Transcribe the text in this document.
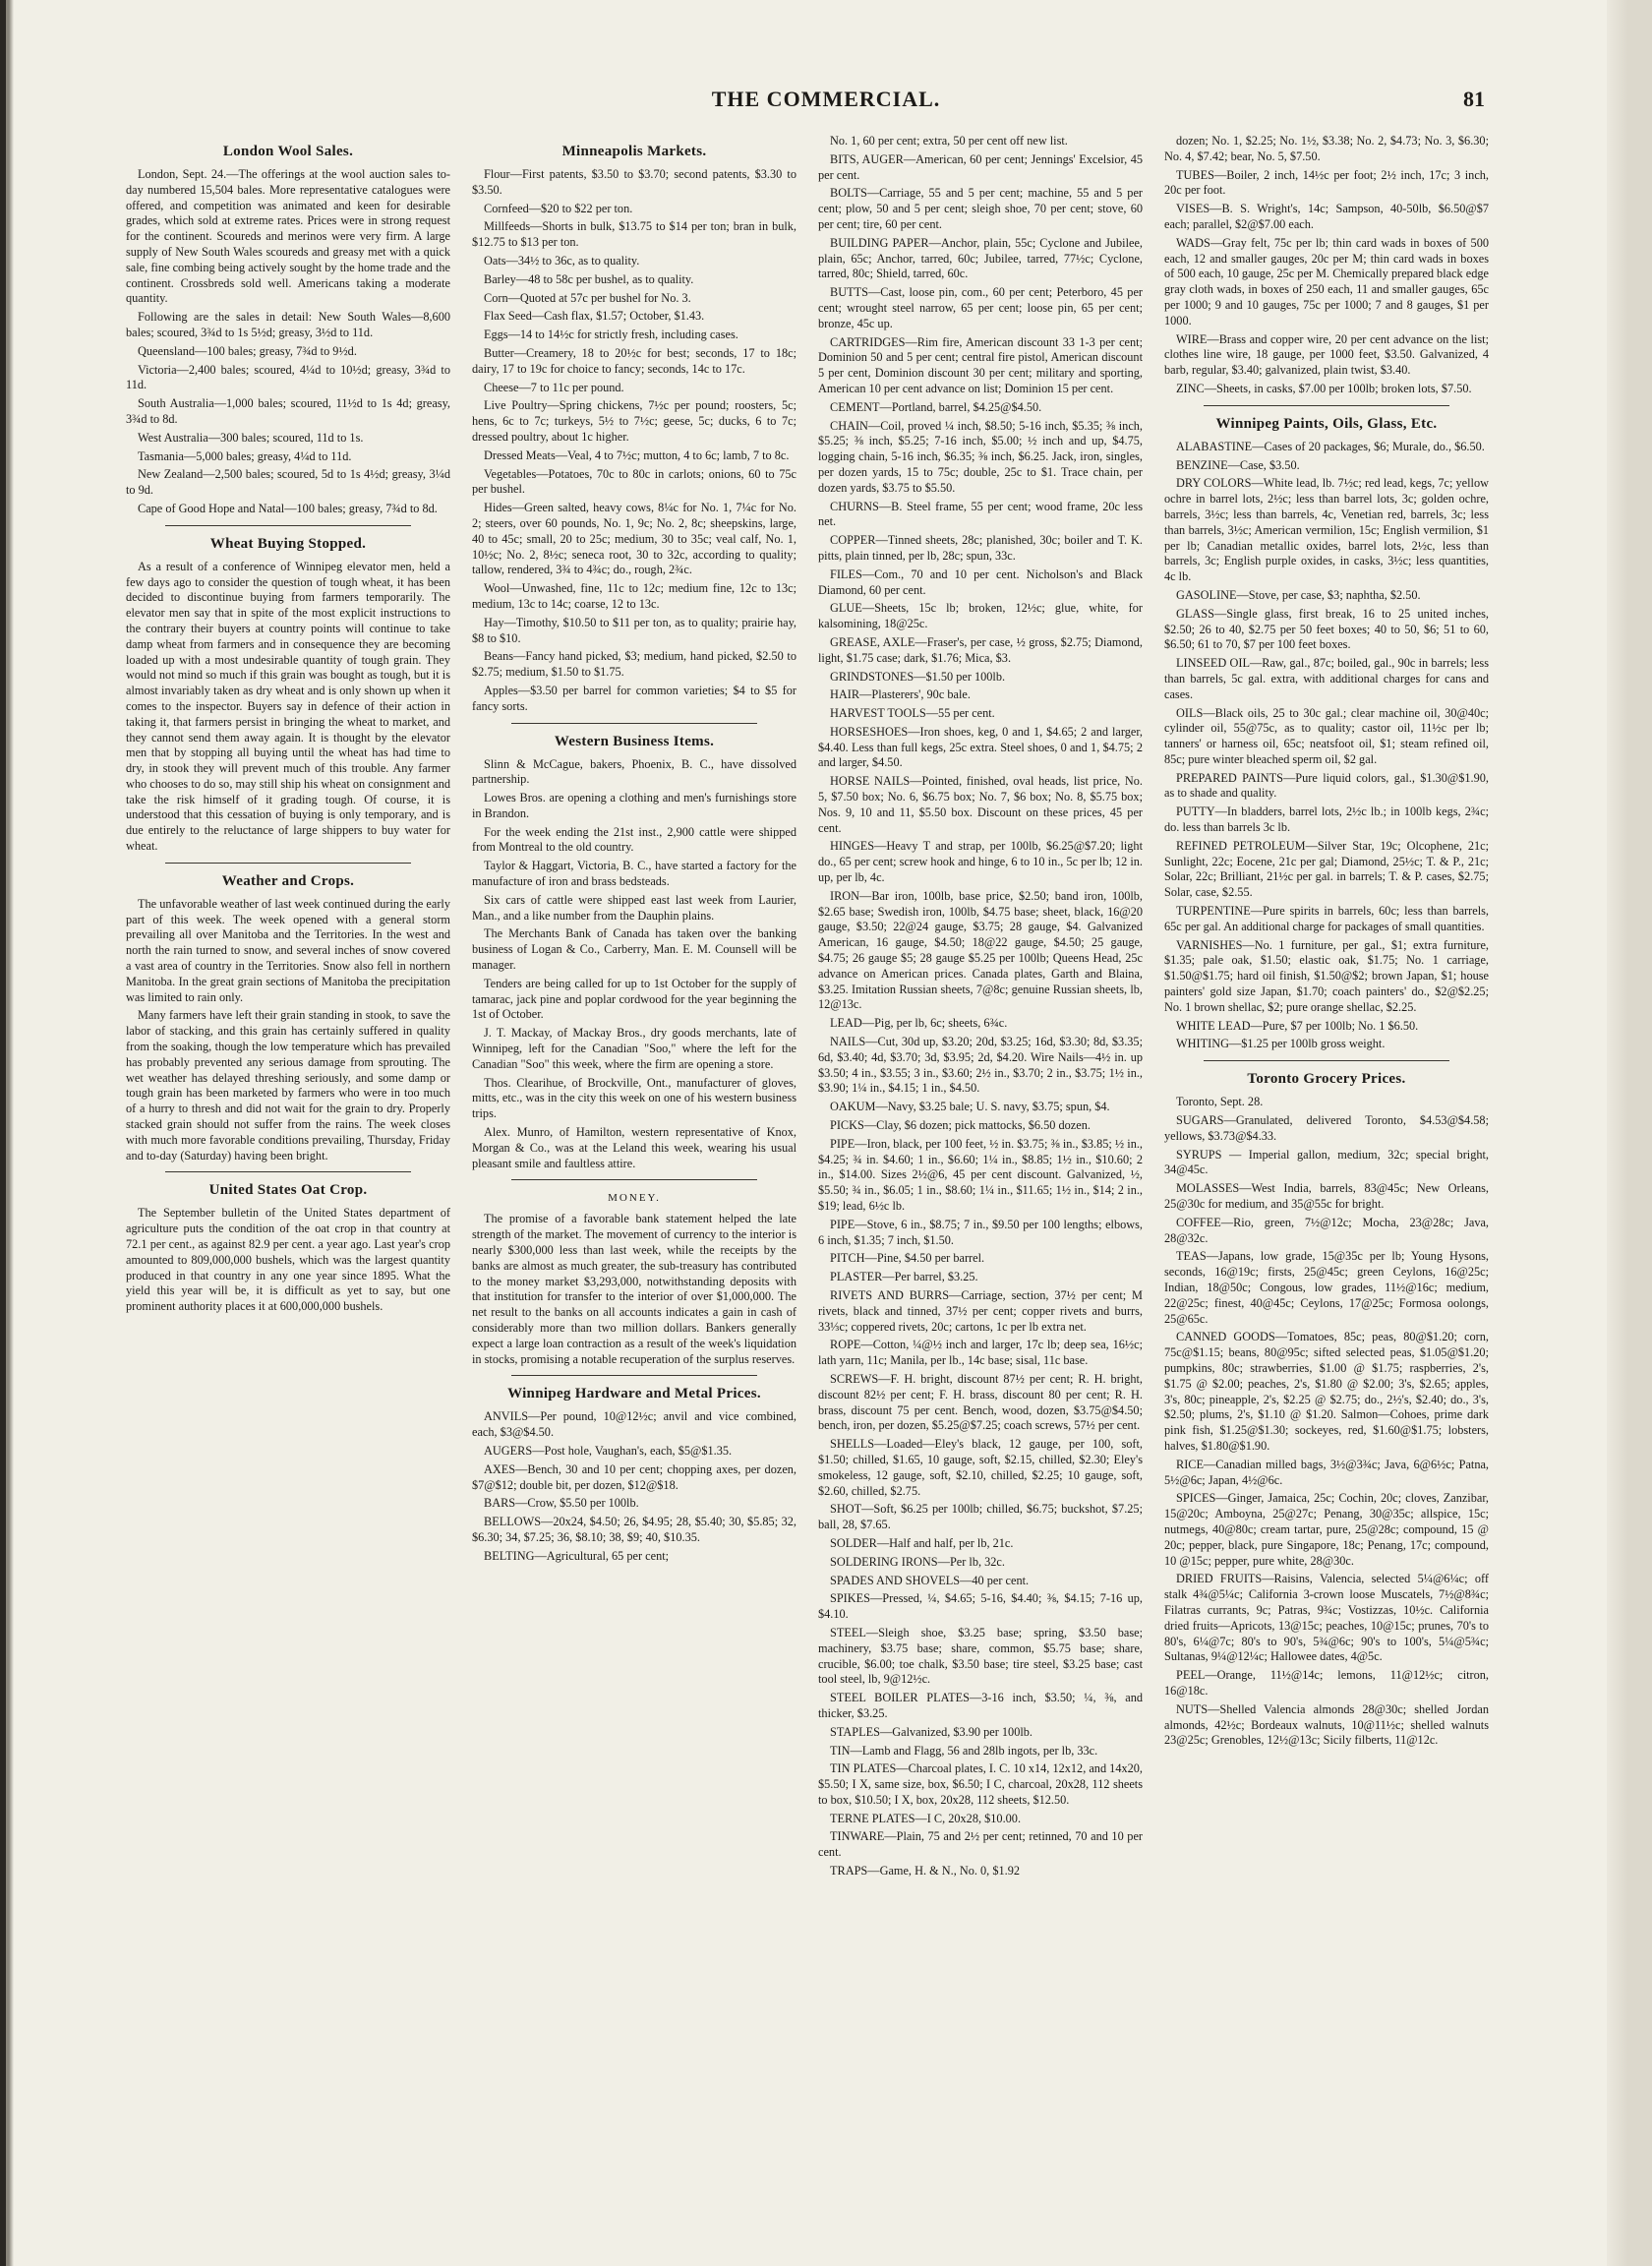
THE COMMERCIAL.	81
London Wool Sales.

London, Sept. 24.—The offerings at the wool auction sales to-day numbered 15,504 bales. More representative catalogues were offered, and competition was animated and keen for desirable grades, which sold at extreme rates. Prices were in strong request for the continent. Scoureds and merinos were very firm. A large supply of New South Wales scoureds and greasy met with a quick sale, fine combing being actively sought by the home trade and the continent. Crossbreds sold well. Americans taking a moderate quantity.

Following are the sales in detail: New South Wales—8,600 bales; scoured, 3¾d to 1s 5½d; greasy, 3½d to 11d.

Queensland—100 bales; greasy, 7¾d to 9½d.

Victoria—2,400 bales; scoured, 4¼d to 10½d; greasy, 3¾d to 11d.

South Australia—1,000 bales; scoured, 11½d to 1s 4d; greasy, 3¾d to 8d.

West Australia—300 bales; scoured, 11d to 1s.

Tasmania—5,000 bales; greasy, 4¼d to 11d.

New Zealand—2,500 bales; scoured, 5d to 1s 4½d; greasy, 3¼d to 9d.

Cape of Good Hope and Natal—100 bales; greasy, 7¾d to 8d.

Wheat Buying Stopped.

As a result of a conference of Winnipeg elevator men, held a few days ago to consider the question of tough wheat, it has been decided to discontinue buying from farmers temporarily. The elevator men say that in spite of the most explicit instructions to the contrary their buyers at country points will continue to take damp wheat from farmers and in consequence they are becoming loaded up with a most undesirable quantity of tough grain. They would not mind so much if this grain was bought as tough, but it is almost invariably taken as dry wheat and is only shown up when it comes to the inspector. Buyers say in defence of their action in taking it, that farmers persist in bringing the wheat to market, and they cannot send them away again. It is thought by the elevator men that by stopping all buying until the wheat has had time to dry, in stook they will prevent much of this trouble. Any farmer who chooses to do so, may still ship his wheat on consignment and take the risk himself of it grading tough. Of course, it is understood that this cessation of buying is only temporary, and is due entirely to the reluctance of large shippers to buy water for wheat.

Weather and Crops.

The unfavorable weather of last week continued during the early part of this week. The week opened with a general storm prevailing all over Manitoba and the Territories. In the west and north the rain turned to snow, and several inches of snow covered a vast area of country in the Territories. Snow also fell in northern Manitoba. In the great grain sections of Manitoba the precipitation was limited to rain only.

Many farmers have left their grain standing in stook, to save the labor of stacking, and this grain has certainly suffered in quality from the soaking, though the low temperature which has prevailed has probably prevented any serious damage from sprouting. The wet weather has delayed threshing seriously, and some damp or tough grain has been marketed by farmers who were in too much of a hurry to thresh and did not wait for the grain to dry. Properly stacked grain should not suffer from the rains. The week closes with much more favorable conditions prevailing, Thursday, Friday and to-day (Saturday) having been bright.

United States Oat Crop.

The September bulletin of the United States department of agriculture puts the condition of the oat crop in that country at 72.1 per cent., as against 82.9 per cent. a year ago. Last year's crop amounted to 809,000,000 bushels, which was the largest quantity produced in that country in any one year since 1895. What the yield this year will be, it is difficult as yet to say, but one prominent authority places it at 600,000,000 bushels.

Minneapolis Markets.

Flour—First patents, $3.50 to $3.70; second patents, $3.30 to $3.50.

Cornfeed—$20 to $22 per ton.

Millfeeds—Shorts in bulk, $13.75 to $14 per ton; bran in bulk, $12.75 to $13 per ton.

Oats—34½ to 36c, as to quality.

Barley—48 to 58c per bushel, as to quality.

Corn—Quoted at 57c per bushel for No. 3.

Flax Seed—Cash flax, $1.57; October, $1.43.

Eggs—14 to 14½c for strictly fresh, including cases.

Butter—Creamery, 18 to 20½c for best; seconds, 17 to 18c; dairy, 17 to 19c for choice to fancy; seconds, 14c to 17c.

Cheese—7 to 11c per pound.

Live Poultry—Spring chickens, 7½c per pound; roosters, 5c; hens, 6c to 7c; turkeys, 5½ to 7½c; geese, 5c; ducks, 6 to 7c; dressed poultry, about 1c higher.

Dressed Meats—Veal, 4 to 7½c; mutton, 4 to 6c; lamb, 7 to 8c.

Vegetables—Potatoes, 70c to 80c in carlots; onions, 60 to 75c per bushel.

Hides—Green salted, heavy cows, 8¼c for No. 1, 7¼c for No. 2; steers, over 60 pounds, No. 1, 9c; No. 2, 8c; sheepskins, large, 40 to 45c; small, 20 to 25c; medium, 30 to 35c; veal calf, No. 1, 10½c; No. 2, 8½c; seneca root, 30 to 32c, according to quality; tallow, rendered, 3¾ to 4¾c; do., rough, 2¾c.

Wool—Unwashed, fine, 11c to 12c; medium fine, 12c to 13c; medium, 13c to 14c; coarse, 12 to 13c.

Hay—Timothy, $10.50 to $11 per ton, as to quality; prairie hay, $8 to $10.

Beans—Fancy hand picked, $3; medium, hand picked, $2.50 to $2.75; medium, $1.50 to $1.75.

Apples—$3.50 per barrel for common varieties; $4 to $5 for fancy sorts.

Western Business Items.

Slinn & McCague, bakers, Phoenix, B. C., have dissolved partnership.

Lowes Bros. are opening a clothing and men's furnishings store in Brandon.

For the week ending the 21st inst., 2,900 cattle were shipped from Montreal to the old country.

Taylor & Haggart, Victoria, B. C., have started a factory for the manufacture of iron and brass bedsteads.

Six cars of cattle were shipped east last week from Laurier, Man., and a like number from the Dauphin plains.

The Merchants Bank of Canada has taken over the banking business of Logan & Co., Carberry, Man. E. M. Counsell will be manager.

Tenders are being called for up to 1st October for the supply of tamarac, jack pine and poplar cordwood for the year beginning the 1st of October.

J. T. Mackay, of Mackay Bros., dry goods merchants, late of Winnipeg, left for the Canadian "Soo," where the left for the Canadian "Soo" this week, where the firm are opening a store.

Thos. Clearihue, of Brockville, Ont., manufacturer of gloves, mitts, etc., was in the city this week on one of his western business trips.

Alex. Munro, of Hamilton, western representative of Knox, Morgan & Co., was at the Leland this week, wearing his usual pleasant smile and faultless attire.

MONEY.

The promise of a favorable bank statement helped the late strength of the market. The movement of currency to the interior is nearly $300,000 less than last week, while the receipts by the banks are almost as much greater, the sub-treasury has contributed to the money market $3,293,000, notwithstanding deposits with that institution for transfer to the interior of over $1,000,000. The net result to the banks on all accounts indicates a gain in cash of considerably more than two million dollars. Bankers generally expect a large loan contraction as a result of the week's liquidation in stocks, promising a notable recuperation of the surplus reserves.

Winnipeg Hardware and Metal Prices.

ANVILS—Per pound, 10@12½c; anvil and vice combined, each, $3@$4.50.

AUGERS—Post hole, Vaughan's, each, $5@$1.35.

AXES—Bench, 30 and 10 per cent; chopping axes, per dozen, $7@$12; double bit, per dozen, $12@$18.

BARS—Crow, $5.50 per 100lb.

BELLOWS—20x24, $4.50; 26, $4.95; 28, $5.40; 30, $5.85; 32, $6.30; 34, $7.25; 36, $8.10; 38, $9; 40, $10.35.

BELTING—Agricultural, 65 per cent;

No. 1, 60 per cent; extra, 50 per cent off new list.

BITS, AUGER—American, 60 per cent; Jennings' Excelsior, 45 per cent.

BOLTS—Carriage, 55 and 5 per cent; machine, 55 and 5 per cent; plow, 50 and 5 per cent; sleigh shoe, 70 per cent; stove, 60 per cent; tire, 60 per cent.

BUILDING PAPER—Anchor, plain, 55c; Cyclone and Jubilee, plain, 65c; Anchor, tarred, 60c; Jubilee, tarred, 77½c; Cyclone, tarred, 80c; Shield, tarred, 60c.

BUTTS—Cast, loose pin, com., 60 per cent; Peterboro, 45 per cent; wrought steel narrow, 65 per cent; loose pin, 65 per cent; bronze, 45c up.

CARTRIDGES—Rim fire, American discount 33 1-3 per cent; Dominion 50 and 5 per cent; central fire pistol, American discount 5 per cent, Dominion discount 30 per cent; military and sporting, American 10 per cent advance on list; Dominion 15 per cent.

CEMENT—Portland, barrel, $4.25@$4.50.

CHAIN—Coil, proved ¼ inch, $8.50; 5-16 inch, $5.35; ⅜ inch, $5.25; ⅜ inch, $5.25; 7-16 inch, $5.00; ½ inch and up, $4.75, logging chain, 5-16 inch, $6.35; ⅜ inch, $6.25. Jack, iron, singles, per dozen yards, 15 to 75c; double, 25c to $1. Trace chain, per dozen yards, $3.75 to $5.50.

CHURNS—B. Steel frame, 55 per cent; wood frame, 20c less net.

COPPER—Tinned sheets, 28c; planished, 30c; boiler and T. K. pitts, plain tinned, per lb, 28c; spun, 33c.

FILES—Com., 70 and 10 per cent. Nicholson's and Black Diamond, 60 per cent.

GLUE—Sheets, 15c lb; broken, 12½c; glue, white, for kalsomining, 18@25c.

GREASE, AXLE—Fraser's, per case, ½ gross, $2.75; Diamond, light, $1.75 case; dark, $1.76; Mica, $3.

GRINDSTONES—$1.50 per 100lb.

HAIR—Plasterers', 90c bale.

HARVEST TOOLS—55 per cent.

HORSESHOES—Iron shoes, keg, 0 and 1, $4.65; 2 and larger, $4.40. Less than full kegs, 25c extra. Steel shoes, 0 and 1, $4.75; 2 and larger, $4.50.

HORSE NAILS—Pointed, finished, oval heads, list price, No. 5, $7.50 box; No. 6, $6.75 box; No. 7, $6 box; No. 8, $5.75 box; Nos. 9, 10 and 11, $5.50 box. Discount on these prices, 45 per cent.

HINGES—Heavy T and strap, per 100lb, $6.25@$7.20; light do., 65 per cent; screw hook and hinge, 6 to 10 in., 5c per lb; 12 in. up, per lb, 4c.

IRON—Bar iron, 100lb, base price, $2.50; band iron, 100lb, $2.65 base; Swedish iron, 100lb, $4.75 base; sheet, black, 16@20 gauge, $3.50; 22@24 gauge, $3.75; 28 gauge, $4. Galvanized American, 16 gauge, $4.50; 18@22 gauge, $4.50; 25 gauge, $4.75; 26 gauge $5; 28 gauge $5.25 per 100lb; Queens Head, 25c advance on American prices. Canada plates, Garth and Blaina, $3.25. Imitation Russian sheets, 7@8c; genuine Russian sheets, lb, 12@13c.

LEAD—Pig, per lb, 6c; sheets, 6¾c.

NAILS—Cut, 30d up, $3.20; 20d, $3.25; 16d, $3.30; 8d, $3.35; 6d, $3.40; 4d, $3.70; 3d, $3.95; 2d, $4.20. Wire Nails—4½ in. up $3.50; 4 in., $3.55; 3 in., $3.60; 2½ in., $3.70; 2 in., $3.75; 1½ in., $3.90; 1¼ in., $4.15; 1 in., $4.50.

OAKUM—Navy, $3.25 bale; U. S. navy, $3.75; spun, $4.

PICKS—Clay, $6 dozen; pick mattocks, $6.50 dozen.

PIPE—Iron, black, per 100 feet, ½ in. $3.75; ⅜ in., $3.85; ½ in., $4.25; ¾ in. $4.60; 1 in., $6.60; 1¼ in., $8.85; 1½ in., $10.60; 2 in., $14.00. Sizes 2½@6, 45 per cent discount. Galvanized, ½, $5.50; ¾ in., $6.05; 1 in., $8.60; 1¼ in., $11.65; 1½ in., $14; 2 in., $19; lead, 6½c lb.

PIPE—Stove, 6 in., $8.75; 7 in., $9.50 per 100 lengths; elbows, 6 inch, $1.35; 7 inch, $1.50.

PITCH—Pine, $4.50 per barrel.

PLASTER—Per barrel, $3.25.

RIVETS AND BURRS—Carriage, section, 37½ per cent; M rivets, black and tinned, 37½ per cent; copper rivets and burrs, 33⅓c; coppered rivets, 20c; cartons, 1c per lb extra net.

ROPE—Cotton, ¼@½ inch and larger, 17c lb; deep sea, 16½c; lath yarn, 11c; Manila, per lb., 14c base; sisal, 11c base.

SCREWS—F. H. bright, discount 87½ per cent; R. H. bright, discount 82½ per cent; F. H. brass, discount 80 per cent; R. H. brass, discount 75 per cent. Bench, wood, dozen, $3.75@$4.50; bench, iron, per dozen, $5.25@$7.25; coach screws, 57½ per cent.

SHELLS—Loaded—Eley's black, 12 gauge, per 100, soft, $1.50; chilled, $1.65, 10 gauge, soft, $2.15, chilled, $2.30; Eley's smokeless, 12 gauge, soft, $2.10, chilled, $2.25; 10 gauge, soft, $2.60, chilled, $2.75.

SHOT—Soft, $6.25 per 100lb; chilled, $6.75; buckshot, $7.25; ball, 28, $7.65.

SOLDER—Half and half, per lb, 21c.

SOLDERING IRONS—Per lb, 32c.

SPADES AND SHOVELS—40 per cent.

SPIKES—Pressed, ¼, $4.65; 5-16, $4.40; ⅜, $4.15; 7-16 up, $4.10.

STEEL—Sleigh shoe, $3.25 base; spring, $3.50 base; machinery, $3.75 base; share, common, $5.75 base; share, crucible, $6.00; toe chalk, $3.50 base; tire steel, $3.25 base; cast tool steel, lb, 9@12½c.

STEEL BOILER PLATES—3-16 inch, $3.50; ¼, ⅜, and thicker, $3.25.

STAPLES—Galvanized, $3.90 per 100lb.

TIN—Lamb and Flagg, 56 and 28lb ingots, per lb, 33c.

TIN PLATES—Charcoal plates, I. C. 10 x14, 12x12, and 14x20, $5.50; I X, same size, box, $6.50; I C, charcoal, 20x28, 112 sheets to box, $10.50; I X, box, 20x28, 112 sheets, $12.50.

TERNE PLATES—I C, 20x28, $10.00.

TINWARE—Plain, 75 and 2½ per cent; retinned, 70 and 10 per cent.

TRAPS—Game, H. & N., No. 0, $1.92

dozen; No. 1, $2.25; No. 1½, $3.38; No. 2, $4.73; No. 3, $6.30; No. 4, $7.42; bear, No. 5, $7.50.

TUBES—Boiler, 2 inch, 14½c per foot; 2½ inch, 17c; 3 inch, 20c per foot.

VISES—B. S. Wright's, 14c; Sampson, 40-50lb, $6.50@$7 each; parallel, $2@$7.00 each.

WADS—Gray felt, 75c per lb; thin card wads in boxes of 500 each, 12 and smaller gauges, 20c per M; thin card wads in boxes of 500 each, 10 gauge, 25c per M. Chemically prepared black edge gray cloth wads, in boxes of 250 each, 11 and smaller gauges, 65c per 1000; 9 and 10 gauges, 75c per 1000; 7 and 8 gauges, $1 per 1000.

WIRE—Brass and copper wire, 20 per cent advance on the list; clothes line wire, 18 gauge, per 1000 feet, $3.50. Galvanized, 4 barb, regular, $3.40; galvanized, plain twist, $3.40.

ZINC—Sheets, in casks, $7.00 per 100lb; broken lots, $7.50.

Winnipeg Paints, Oils, Glass, Etc.

ALABASTINE—Cases of 20 packages, $6; Murale, do., $6.50.

BENZINE—Case, $3.50.

DRY COLORS—White lead, lb. 7½c; red lead, kegs, 7c; yellow ochre in barrel lots, 2½c; less than barrel lots, 3c; golden ochre, barrels, 3½c; less than barrels, 4c, Venetian red, barrels, 3c; less than barrels, 3½c; American vermilion, 15c; English vermilion, $1 per lb; Canadian metallic oxides, barrel lots, 2½c, less than barrels, 3c; English purple oxides, in casks, 3½c; less quantities, 4c lb.

GASOLINE—Stove, per case, $3; naphtha, $2.50.

GLASS—Single glass, first break, 16 to 25 united inches, $2.50; 26 to 40, $2.75 per 50 feet boxes; 40 to 50, $6; 51 to 60, $6.50; 61 to 70, $7 per 100 feet boxes.

LINSEED OIL—Raw, gal., 87c; boiled, gal., 90c in barrels; less than barrels, 5c gal. extra, with additional charges for cans and cases.

OILS—Black oils, 25 to 30c gal.; clear machine oil, 30@40c; cylinder oil, 55@75c, as to quality; castor oil, 11½c per lb; tanners' or harness oil, 65c; neatsfoot oil, $1; steam refined oil, 85c; pure winter bleached sperm oil, $2 gal.

PREPARED PAINTS—Pure liquid colors, gal., $1.30@$1.90, as to shade and quality.

PUTTY—In bladders, barrel lots, 2½c lb.; in 100lb kegs, 2¾c; do. less than barrels 3c lb.

REFINED PETROLEUM—Silver Star, 19c; Olcophene, 21c; Sunlight, 22c; Eocene, 21c per gal; Diamond, 25½c; T. & P., 21c; Solar, 22c; Brilliant, 21½c per gal. in barrels; T. & P. cases, $2.75; Solar, case, $2.55.

TURPENTINE—Pure spirits in barrels, 60c; less than barrels, 65c per gal. An additional charge for packages of small quantities.

VARNISHES—No. 1 furniture, per gal., $1; extra furniture, $1.35; pale oak, $1.50; elastic oak, $1.75; No. 1 carriage, $1.50@$1.75; hard oil finish, $1.50@$2; brown Japan, $1; house painters' gold size Japan, $1.70; coach painters' do., $2@$2.25; No. 1 brown shellac, $2; pure orange shellac, $2.25.

WHITE LEAD—Pure, $7 per 100lb; No. 1 $6.50.

WHITING—$1.25 per 100lb gross weight.

Toronto Grocery Prices.

Toronto, Sept. 28.

SUGARS—Granulated, delivered Toronto, $4.53@$4.58; yellows, $3.73@$4.33.

SYRUPS — Imperial gallon, medium, 32c; special bright, 34@45c.

MOLASSES—West India, barrels, 83@45c; New Orleans, 25@30c for medium, and 35@55c for bright.

COFFEE—Rio, green, 7½@12c; Mocha, 23@28c; Java, 28@32c.

TEAS—Japans, low grade, 15@35c per lb; Young Hysons, seconds, 16@19c; firsts, 25@45c; green Ceylons, 16@25c; Indian, 18@50c; Congous, low grades, 11½@16c; medium, 22@25c; finest, 40@45c; Ceylons, 17@25c; Formosa oolongs, 25@65c.

CANNED GOODS—Tomatoes, 85c; peas, 80@$1.20; corn, 75c@$1.15; beans, 80@95c; sifted selected peas, $1.05@$1.20; pumpkins, 80c; strawberries, $1.00 @ $1.75; raspberries, 2's, $1.75 @ $2.00; peaches, 2's, $1.80 @ $2.00; 3's, $2.65; apples, 3's, 80c; pineapple, 2's, $2.25 @ $2.75; do., 2½'s, $2.40; do., 3's, $2.50; plums, 2's, $1.10 @ $1.20. Salmon—Cohoes, prime dark pink fish, $1.25@$1.30; sockeyes, red, $1.60@$1.75; lobsters, halves, $1.80@$1.90.

RICE—Canadian milled bags, 3½@3¾c; Java, 6@6½c; Patna, 5½@6c; Japan, 4½@6c.

SPICES—Ginger, Jamaica, 25c; Cochin, 20c; cloves, Zanzibar, 15@20c; Amboyna, 25@27c; Penang, 30@35c; allspice, 15c; nutmegs, 40@80c; cream tartar, pure, 25@28c; compound, 15 @ 20c; pepper, black, pure Singapore, 18c; Penang, 17c; compound, 10 @15c; pepper, pure white, 28@30c.

DRIED FRUITS—Raisins, Valencia, selected 5¼@6¼c; off stalk 4¾@5¼c; California 3-crown loose Muscatels, 7½@8¾c; Filatras currants, 9c; Patras, 9¾c; Vostizzas, 10½c. California dried fruits—Apricots, 13@15c; peaches, 10@15c; prunes, 70's to 80's, 6¼@7c; 80's to 90's, 5¾@6c; 90's to 100's, 5¼@5¾c; Sultanas, 9¼@12¼c; Hallowee dates, 4@5c.

PEEL—Orange, 11½@14c; lemons, 11@12½c; citron, 16@18c.

NUTS—Shelled Valencia almonds 28@30c; shelled Jordan almonds, 42½c; Bordeaux walnuts, 10@11½c; shelled walnuts 23@25c; Grenobles, 12½@13c; Sicily filberts, 11@12c.
